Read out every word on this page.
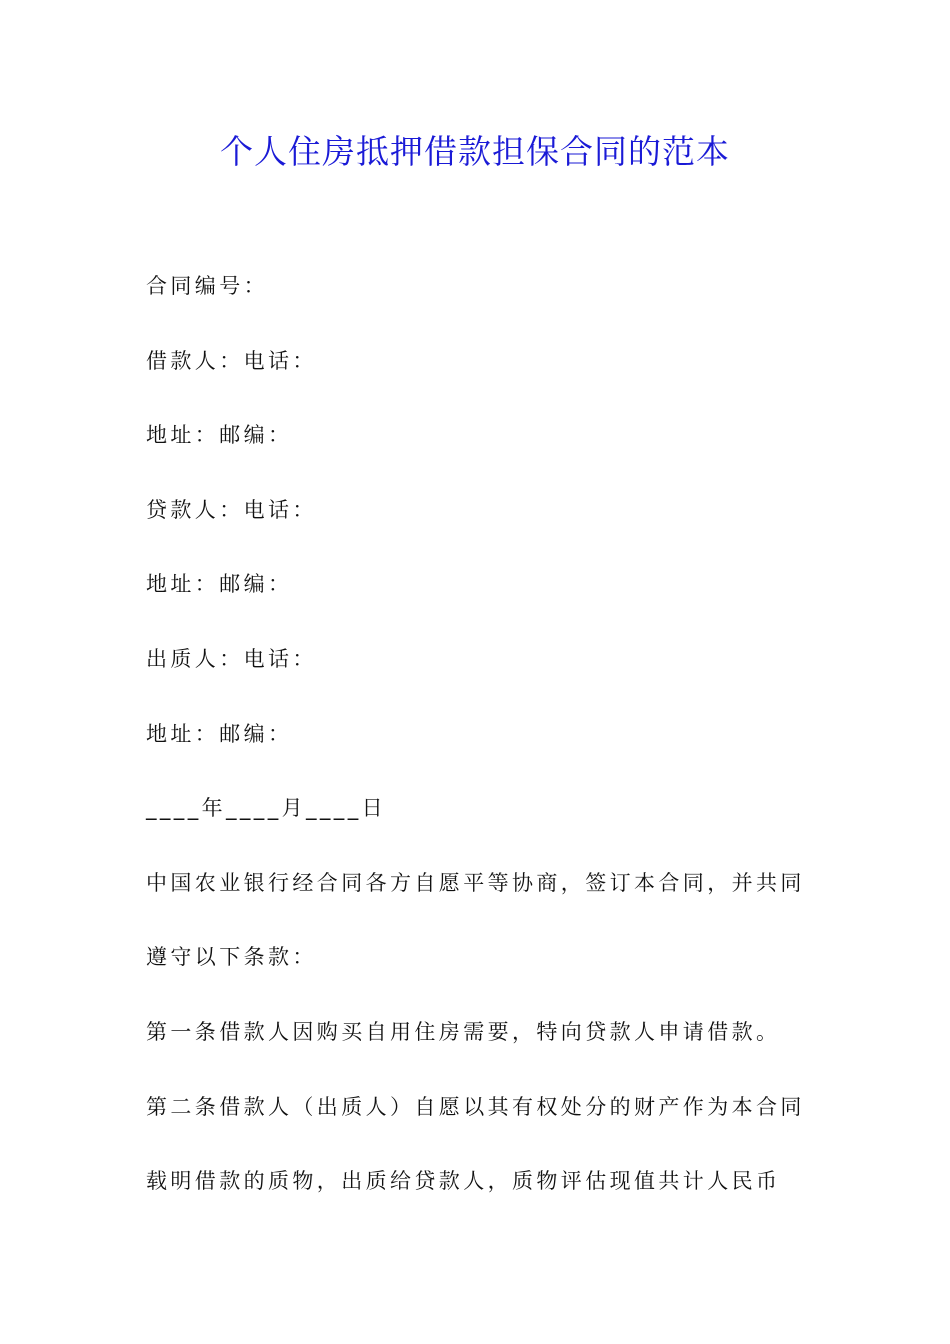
个人住房抵押借款担保合同的范本
合同编号：
借款人：电话：
地址：邮编：
贷款人：电话：
地址：邮编：
出质人：电话：
地址：邮编：
____年____月____日
中国农业银行经合同各方自愿平等协商，签订本合同，并共同
遵守以下条款：
第一条借款人因购买自用住房需要，特向贷款人申请借款。
第二条借款人（出质人）自愿以其有权处分的财产作为本合同
载明借款的质物，出质给贷款人，质物评估现值共计人民币
